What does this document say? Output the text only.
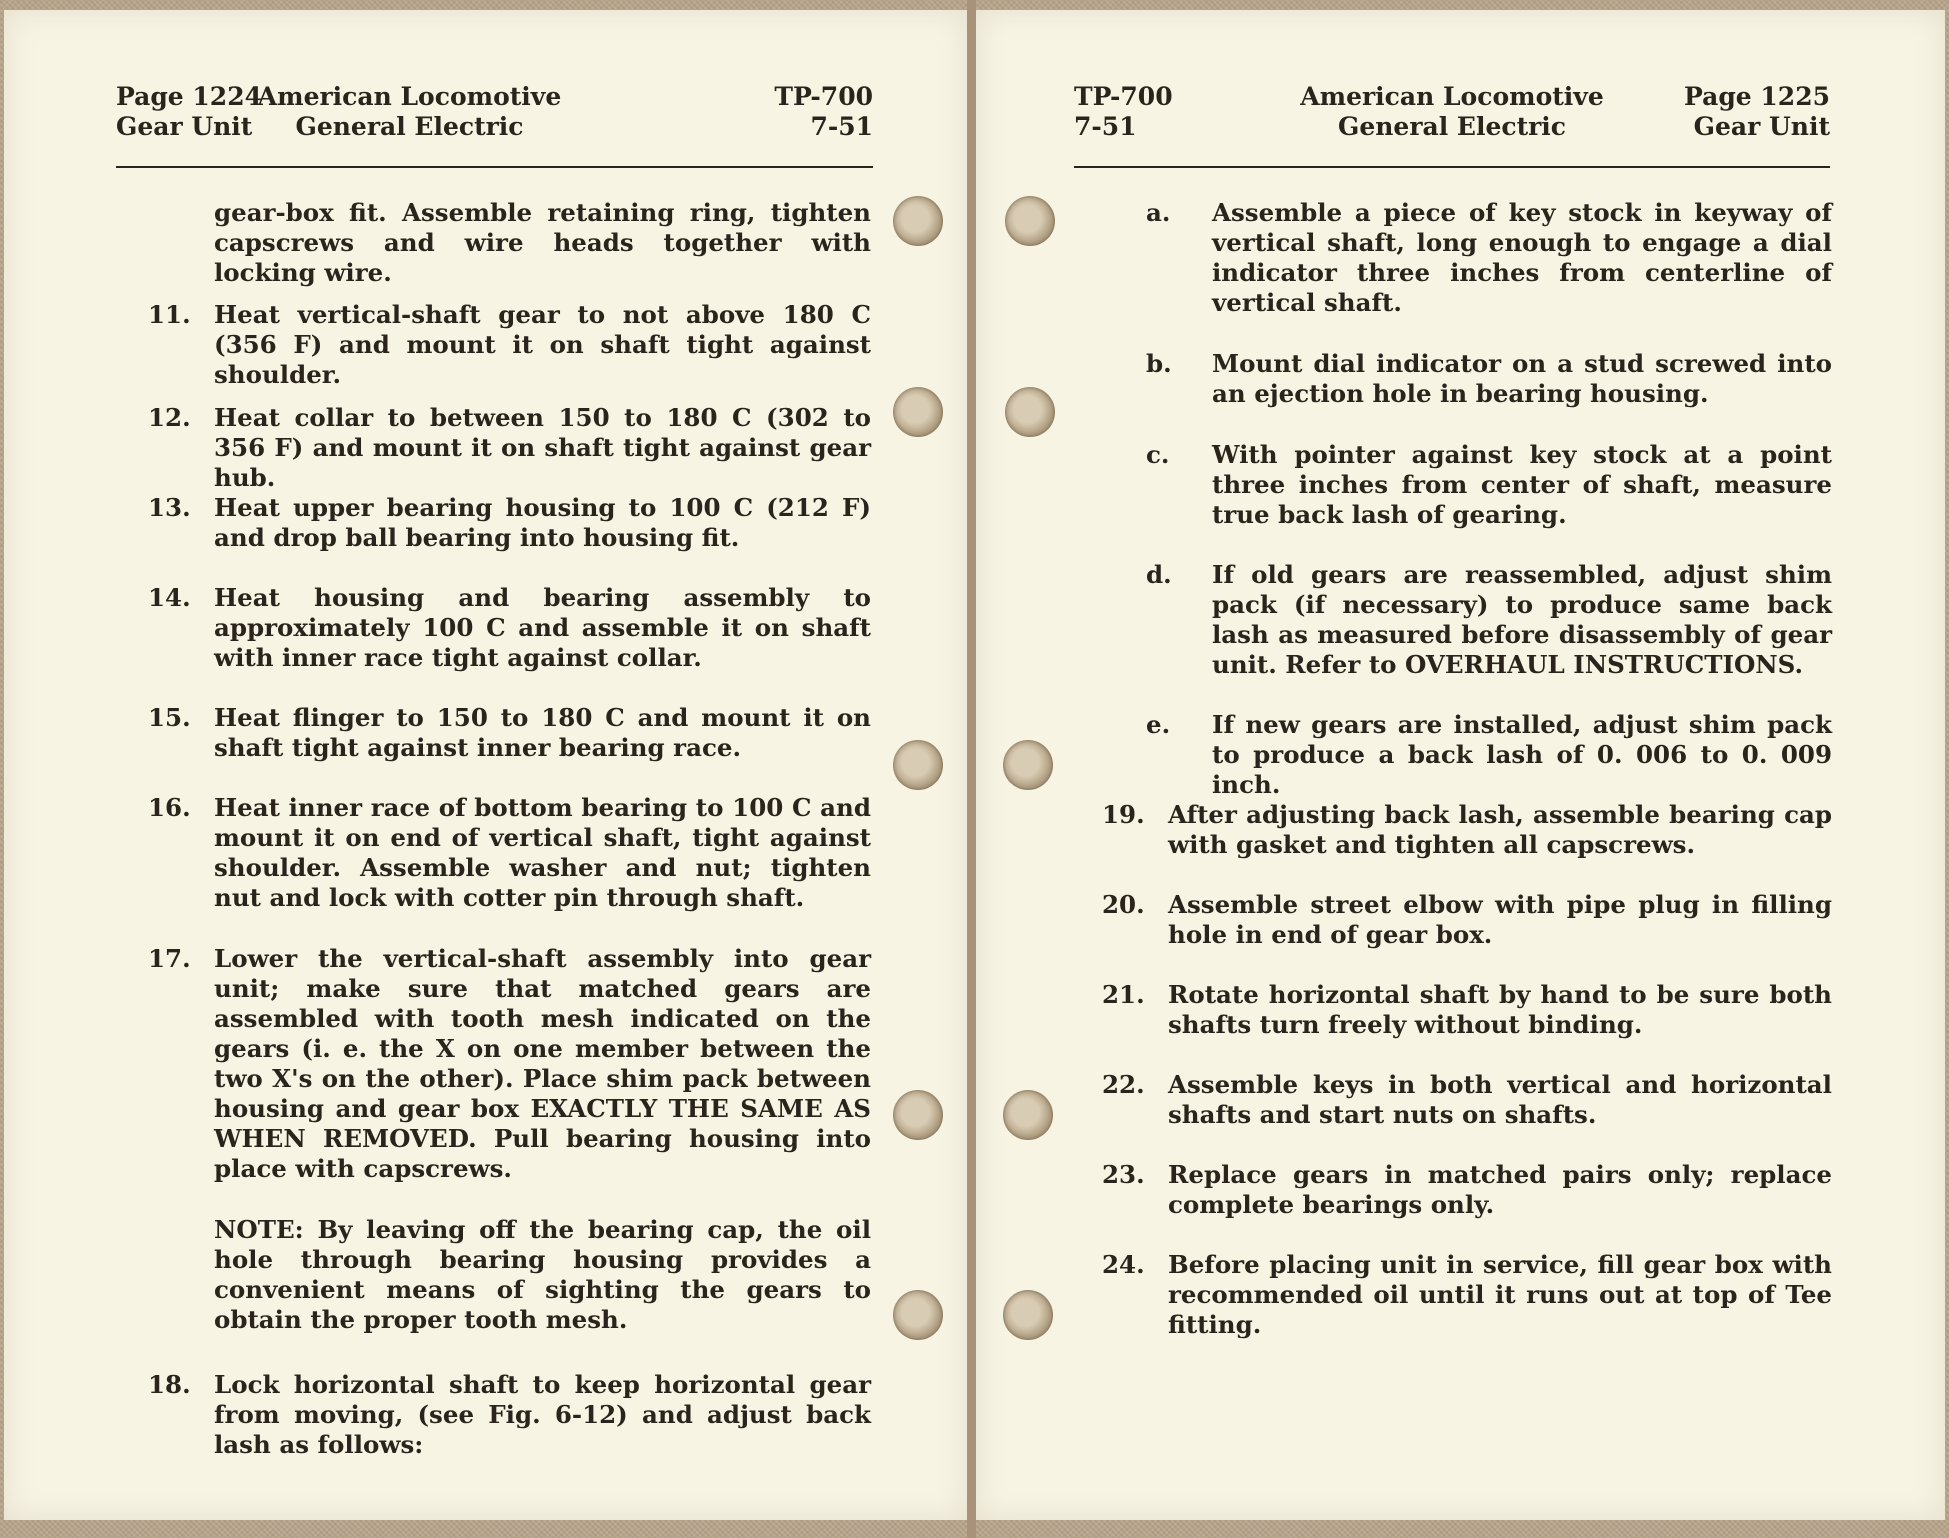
Page 1224
Gear Unit
American Locomotive
General Electric
TP-700
7-51
gear-box fit. Assemble retaining ring, tighten capscrews and wire heads together with locking wire.
11. Heat vertical-shaft gear to not above 180 C (356 F) and mount it on shaft tight against shoulder.
12. Heat collar to between 150 to 180 C (302 to 356 F) and mount it on shaft tight against gear hub.
13. Heat upper bearing housing to 100 C (212 F) and drop ball bearing into housing fit.
14. Heat housing and bearing assembly to approximately 100 C and assemble it on shaft with inner race tight against collar.
15. Heat flinger to 150 to 180 C and mount it on shaft tight against inner bearing race.
16. Heat inner race of bottom bearing to 100 C and mount it on end of vertical shaft, tight against shoulder. Assemble washer and nut; tighten nut and lock with cotter pin through shaft.
17. Lower the vertical-shaft assembly into gear unit; make sure that matched gears are assembled with tooth mesh indicated on the gears (i. e. the X on one member between the two X's on the other). Place shim pack between housing and gear box EXACTLY THE SAME AS WHEN REMOVED. Pull bearing housing into place with capscrews.
NOTE: By leaving off the bearing cap, the oil hole through bearing housing provides a convenient means of sighting the gears to obtain the proper tooth mesh.
18. Lock horizontal shaft to keep horizontal gear from moving, (see Fig. 6-12) and adjust back lash as follows:
TP-700
7-51
American Locomotive
General Electric
Page 1225
Gear Unit
a.	Assemble a piece of key stock in keyway of vertical shaft, long enough to engage a dial indicator three inches from centerline of vertical shaft.
b.	Mount dial indicator on a stud screwed into an ejection hole in bearing housing.
c.	With pointer against key stock at a point three inches from center of shaft, measure true back lash of gearing.
d.	If old gears are reassembled, adjust shim pack (if necessary) to produce same back lash as measured before disassembly of gear unit. Refer to OVERHAUL INSTRUCTIONS.
e.	If new gears are installed, adjust shim pack to produce a back lash of 0. 006 to 0. 009 inch.
19. After adjusting back lash, assemble bearing cap with gasket and tighten all capscrews.
20. Assemble street elbow with pipe plug in filling hole in end of gear box.
21. Rotate horizontal shaft by hand to be sure both shafts turn freely without binding.
22. Assemble keys in both vertical and horizontal shafts and start nuts on shafts.
23. Replace gears in matched pairs only; replace complete bearings only.
24. Before placing unit in service, fill gear box with recommended oil until it runs out at top of Tee fitting.
